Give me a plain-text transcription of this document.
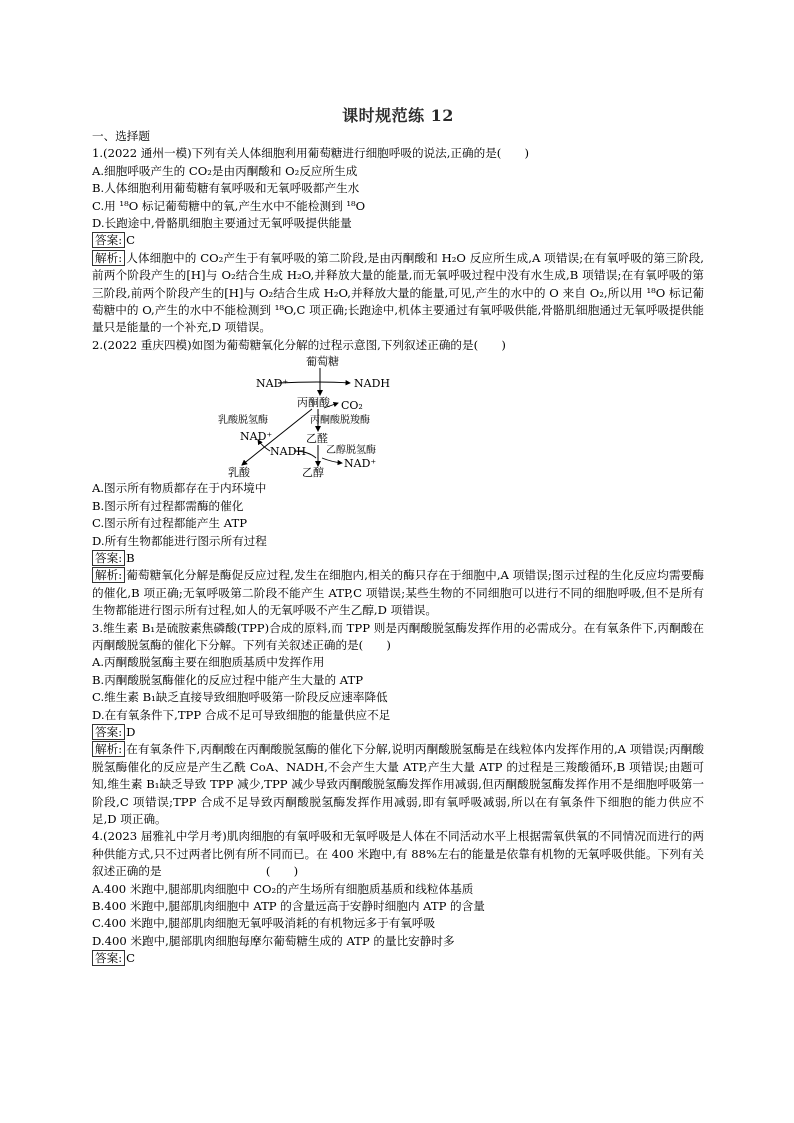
课时规范练 12
一、选择题
1.(2022 通州一模)下列有关人体细胞利用葡萄糖进行细胞呼吸的说法,正确的是(　　)
A.细胞呼吸产生的 CO₂是由丙酮酸和 O₂反应所生成
B.人体细胞利用葡萄糖有氧呼吸和无氧呼吸都产生水
C.用 ¹⁸O 标记葡萄糖中的氧,产生水中不能检测到 ¹⁸O
D.长跑途中,骨骼肌细胞主要通过无氧呼吸提供能量
答案: C
解析: 人体细胞中的 CO₂产生于有氧呼吸的第二阶段,是由丙酮酸和 H₂O 反应所生成,A 项错误;在有氧呼吸的第三阶段,前两个阶段产生的[H]与 O₂结合生成 H₂O,并释放大量的能量,而无氧呼吸过程中没有水生成,B 项错误;在有氧呼吸的第三阶段,前两个阶段产生的[H]与 O₂结合生成 H₂O,并释放大量的能量,可见,产生的水中的 O 来自 O₂,所以用 ¹⁸O 标记葡萄糖中的 O,产生的水中不能检测到 ¹⁸O,C 项正确;长跑途中,机体主要通过有氧呼吸供能,骨骼肌细胞通过无氧呼吸提供能量只是能量的一个补充,D 项错误。
2.(2022 重庆四模)如图为葡萄糖氧化分解的过程示意图,下列叙述正确的是(　　)
葡萄糖
NAD⁺	NADH
丙酮酸 CO₂
丙酮酸脱羧酶
乳酸脱氢酶
NAD⁺	乙醛
NADH 乙醇脱氢酶
NAD⁺
乳酸	乙醇
A.图示所有物质都存在于内环境中
B.图示所有过程都需酶的催化
C.图示所有过程都能产生 ATP
D.所有生物都能进行图示所有过程
答案: B
解析: 葡萄糖氧化分解是酶促反应过程,发生在细胞内,相关的酶只存在于细胞中,A 项错误;图示过程的生化反应均需要酶的催化,B 项正确;无氧呼吸第二阶段不能产生 ATP,C 项错误;某些生物的不同细胞可以进行不同的细胞呼吸,但不是所有生物都能进行图示所有过程,如人的无氧呼吸不产生乙醇,D 项错误。
3.维生素 B₁是硫胺素焦磷酸(TPP)合成的原料,而 TPP 则是丙酮酸脱氢酶发挥作用的必需成分。在有氧条件下,丙酮酸在丙酮酸脱氢酶的催化下分解。下列有关叙述正确的是(　　)
A.丙酮酸脱氢酶主要在细胞质基质中发挥作用
B.丙酮酸脱氢酶催化的反应过程中能产生大量的 ATP
C.维生素 B₁缺乏直接导致细胞呼吸第一阶段反应速率降低
D.在有氧条件下,TPP 合成不足可导致细胞的能量供应不足
答案: D
解析: 在有氧条件下,丙酮酸在丙酮酸脱氢酶的催化下分解,说明丙酮酸脱氢酶是在线粒体内发挥作用的,A 项错误;丙酮酸脱氢酶催化的反应是产生乙酰 CoA、NADH,不会产生大量 ATP,产生大量 ATP 的过程是三羧酸循环,B 项错误;由题可知,维生素 B₁缺乏导致 TPP 减少,TPP 减少导致丙酮酸脱氢酶发挥作用减弱,但丙酮酸脱氢酶发挥作用不是细胞呼吸第一阶段,C 项错误;TPP 合成不足导致丙酮酸脱氢酶发挥作用减弱,即有氧呼吸减弱,所以在有氧条件下细胞的能力供应不足,D 项正确。
4.(2023 届雅礼中学月考)肌肉细胞的有氧呼吸和无氧呼吸是人体在不同活动水平上根据需氧供氧的不同情况而进行的两种供能方式,只不过两者比例有所不同而已。在 400 米跑中,有 88%左右的能量是依靠有机物的无氧呼吸供能。下列有关叙述正确的是　　　　　　　　　(　　)
A.400 米跑中,腿部肌肉细胞中 CO₂的产生场所有细胞质基质和线粒体基质
B.400 米跑中,腿部肌肉细胞中 ATP 的含量远高于安静时细胞内 ATP 的含量
C.400 米跑中,腿部肌肉细胞无氧呼吸消耗的有机物远多于有氧呼吸
D.400 米跑中,腿部肌肉细胞每摩尔葡萄糖生成的 ATP 的量比安静时多
答案: C
